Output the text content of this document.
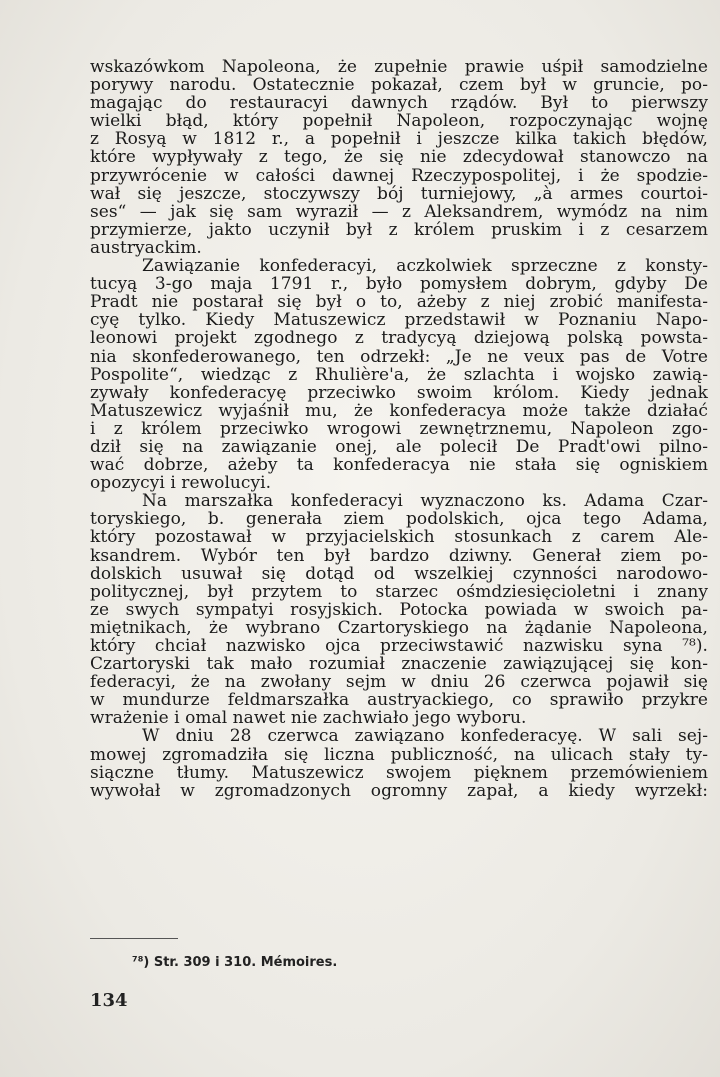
wskazówkom Napoleona, że zupełnie prawie uśpił samodzielne
porywy narodu. Ostatecznie pokazał, czem był w gruncie, po-
magając do restauracyi dawnych rządów. Był to pierwszy
wielki błąd, który popełnił Napoleon, rozpoczynając wojnę
z Rosyą w 1812 r., a popełnił i jeszcze kilka takich błędów,
które wypływały z tego, że się nie zdecydował stanowczo na
przywrócenie w całości dawnej Rzeczypospolitej, i że spodzie-
wał się jeszcze, stoczywszy bój turniejowy, „à armes courtoi-
ses“ — jak się sam wyraził — z Aleksandrem, wymódz na nim
przymierze, jakto uczynił był z królem pruskim i z cesarzem
austryackim.
Zawiązanie konfederacyi, aczkolwiek sprzeczne z konsty-
tucyą 3-go maja 1791 r., było pomysłem dobrym, gdyby De
Pradt nie postarał się był o to, ażeby z niej zrobić manifesta-
cyę tylko. Kiedy Matuszewicz przedstawił w Poznaniu Napo-
leonowi projekt zgodnego z tradycyą dziejową polską powsta-
nia skonfederowanego, ten odrzekł: „Je ne veux pas de Votre
Pospolite“, wiedząc z Rhulière'a, że szlachta i wojsko zawią-
zywały konfederacyę przeciwko swoim królom. Kiedy jednak
Matuszewicz wyjaśnił mu, że konfederacya może także działać
i z królem przeciwko wrogowi zewnętrznemu, Napoleon zgo-
dził się na zawiązanie onej, ale polecił De Pradt'owi pilno-
wać dobrze, ażeby ta konfederacya nie stała się ogniskiem
opozycyi i rewolucyi.
Na marszałka konfederacyi wyznaczono ks. Adama Czar-
toryskiego, b. generała ziem podolskich, ojca tego Adama,
który pozostawał w przyjacielskich stosunkach z carem Ale-
ksandrem. Wybór ten był bardzo dziwny. Generał ziem po-
dolskich usuwał się dotąd od wszelkiej czynności narodowo-
politycznej, był przytem to starzec ośmdziesięcioletni i znany
ze swych sympatyi rosyjskich. Potocka powiada w swoich pa-
miętnikach, że wybrano Czartoryskiego na żądanie Napoleona,
który chciał nazwisko ojca przeciwstawić nazwisku syna ⁷⁸).
Czartoryski tak mało rozumiał znaczenie zawiązującej się kon-
federacyi, że na zwołany sejm w dniu 26 czerwca pojawił się
w mundurze feldmarszałka austryackiego, co sprawiło przykre
wrażenie i omal nawet nie zachwiało jego wyboru.
W dniu 28 czerwca zawiązano konfederacyę. W sali sej-
mowej zgromadziła się liczna publiczność, na ulicach stały ty-
siączne tłumy. Matuszewicz swojem pięknem przemówieniem
wywołał w zgromadzonych ogromny zapał, a kiedy wyrzekł:
⁷⁸) Str. 309 i 310. Mémoires.
134
